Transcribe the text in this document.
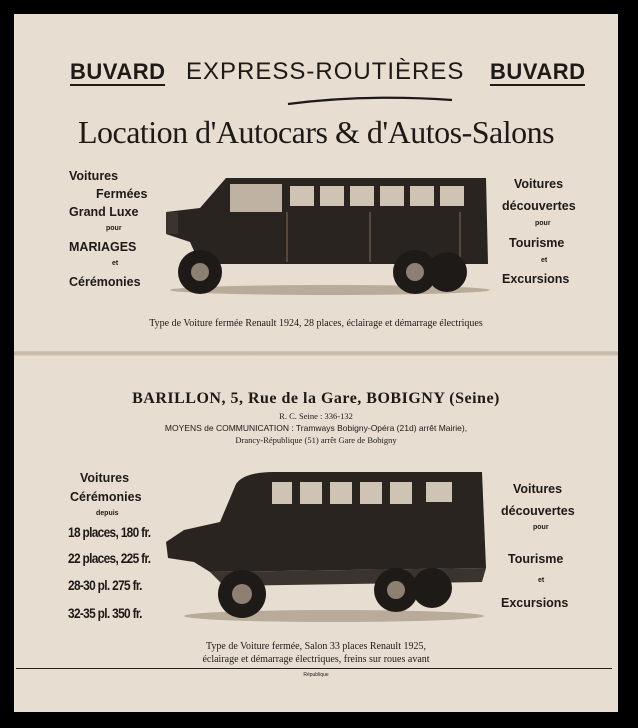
BUVARD EXPRESS-ROUTIÈRES BUVARD
Location d'Autocars & d'Autos-Salons
Voitures
Fermées
Grand Luxe
pour
MARIAGES
et
Cérémonies
Voitures
découvertes
pour
Tourisme
et
Excursions
Type de Voiture fermée Renault 1924, 28 places, éclairage et démarrage électriques
BARILLON, 5, Rue de la Gare, BOBIGNY (Seine)
R. C. Seine : 336-132
MOYENS de COMMUNICATION : Tramways Bobigny-Opéra (21d) arrêt Mairie),
Drancy-République (51) arrêt Gare de Bobigny
Voitures
Cérémonies
depuis
18 places, 180 fr.
22 places, 225 fr.
28-30 pl. 275 fr.
32-35 pl. 350 fr.
Voitures
découvertes
pour
Tourisme
et
Excursions
Type de Voiture fermée, Salon 33 places Renault 1925,
éclairage et démarrage électriques, freins sur roues avant
République
